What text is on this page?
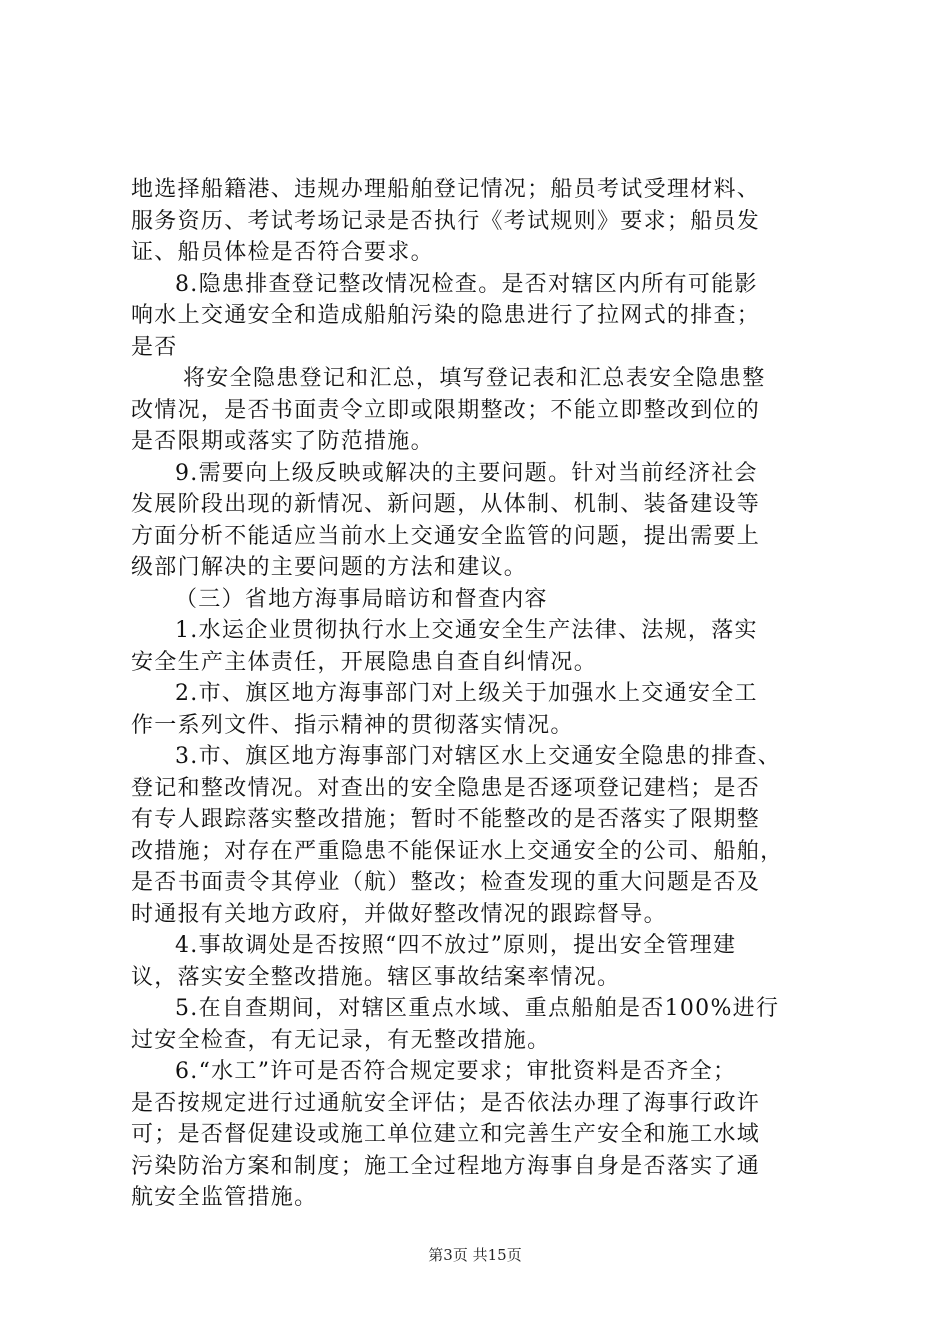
地选择船籍港、违规办理船舶登记情况；船员考试受理材料、
服务资历、考试考场记录是否执行《考试规则》要求；船员发
证、船员体检是否符合要求。
8.隐患排查登记整改情况检查。是否对辖区内所有可能影
响水上交通安全和造成船舶污染的隐患进行了拉网式的排查；
是否
将安全隐患登记和汇总，填写登记表和汇总表安全隐患整
改情况，是否书面责令立即或限期整改；不能立即整改到位的
是否限期或落实了防范措施。
9.需要向上级反映或解决的主要问题。针对当前经济社会
发展阶段出现的新情况、新问题，从体制、机制、装备建设等
方面分析不能适应当前水上交通安全监管的问题，提出需要上
级部门解决的主要问题的方法和建议。
（三）省地方海事局暗访和督查内容
1.水运企业贯彻执行水上交通安全生产法律、法规，落实
安全生产主体责任，开展隐患自查自纠情况。
2.市、旗区地方海事部门对上级关于加强水上交通安全工
作一系列文件、指示精神的贯彻落实情况。
3.市、旗区地方海事部门对辖区水上交通安全隐患的排查、
登记和整改情况。对查出的安全隐患是否逐项登记建档；是否
有专人跟踪落实整改措施；暂时不能整改的是否落实了限期整
改措施；对存在严重隐患不能保证水上交通安全的公司、船舶，
是否书面责令其停业（航）整改；检查发现的重大问题是否及
时通报有关地方政府，并做好整改情况的跟踪督导。
4.事故调处是否按照“四不放过”原则，提出安全管理建
议，落实安全整改措施。辖区事故结案率情况。
5.在自查期间，对辖区重点水域、重点船舶是否100%进行
过安全检查，有无记录，有无整改措施。
6.“水工”许可是否符合规定要求；审批资料是否齐全；
是否按规定进行过通航安全评估；是否依法办理了海事行政许
可；是否督促建设或施工单位建立和完善生产安全和施工水域
污染防治方案和制度；施工全过程地方海事自身是否落实了通
航安全监管措施。
第3页 共15页
